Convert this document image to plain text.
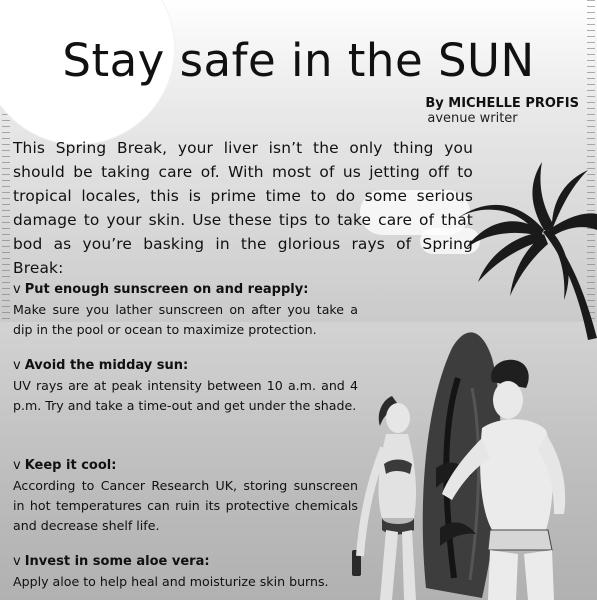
Stay safe in the SUN
By MICHELLE PROFIS
avenue writer

This Spring Break, your liver isn’t the only thing you should be taking care of. With most of us jetting off to tropical locales, this is prime time to do some serious damage to your skin. Use these tips to take care of that bod as you’re basking in the glorious rays of Spring Break:

v Put enough sunscreen on and reapply:
Make sure you lather sunscreen on after you take a dip in the pool or ocean to maximize protection.
v Avoid the midday sun:
UV rays are at peak intensity between 10 a.m. and 4 p.m. Try and take a time-out and get under the shade.
v Keep it cool:
According to Cancer Research UK, storing sunscreen in hot temperatures can ruin its protective chemicals and decrease shelf life.
v Invest in some aloe vera:
Apply aloe to help heal and moisturize skin burns.
